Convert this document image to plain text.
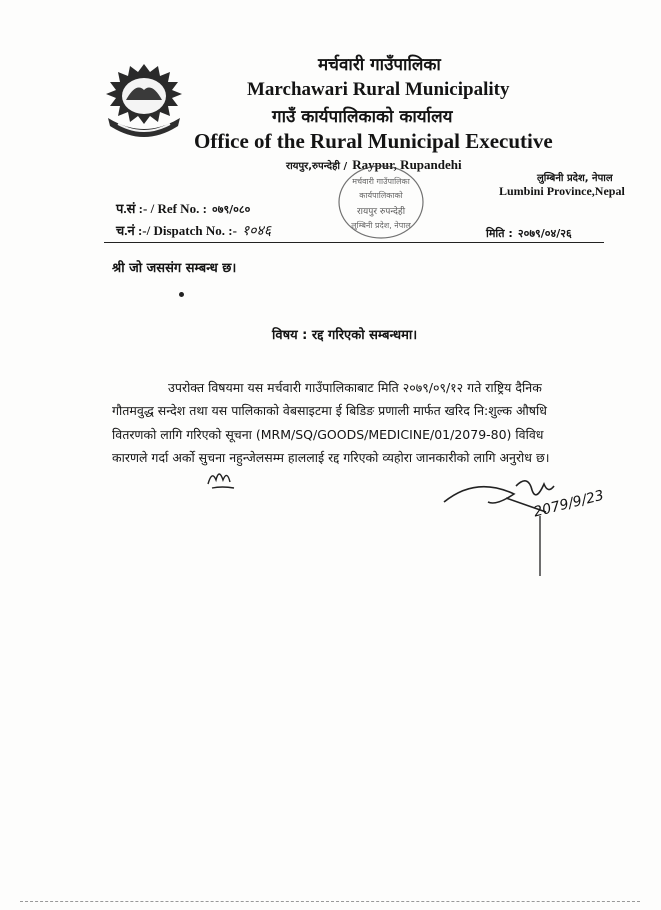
मर्चवारी गाउँपालिका
Marchawari Rural Municipality
गाउँ कार्यपालिकाको कार्यालय
Office of the Rural Municipal Executive
रायपुर,रुपन्देही / Raypur, Rupandehi
लुम्बिनी प्रदेश, नेपाल
Lumbini Province,Nepal
मर्चवारी गाउँपालिका
कार्यपालिकाको
रायपुर रुपन्देही
लुम्बिनी प्रदेश, नेपाल
प.सं :- / Ref No. : ०७९/०८०
च.नं :-/ Dispatch No. :- १०४६	मिति : २०७९/०४/२६
श्री जो जससंग सम्बन्ध छ।
विषय : रद्द गरिएको सम्बन्धमा।
उपरोक्त विषयमा यस मर्चवारी गाउँपालिकाबाट मिति २०७९/०९/१२ गते राष्ट्रिय दैनिक
गौतमवुद्ध सन्देश तथा यस पालिकाको वेबसाइटमा ई बिडिङ प्रणाली मार्फत खरिद नि:शुल्क औषधि
वितरणको लागि गरिएको सूचना (MRM/SQ/GOODS/MEDICINE/01/2079-80) विविध
कारणले गर्दा अर्को सुचना नहुन्जेलसम्म हाललाई रद्द गरिएको व्यहोरा जानकारीको लागि अनुरोध छ।
2079/9/23
